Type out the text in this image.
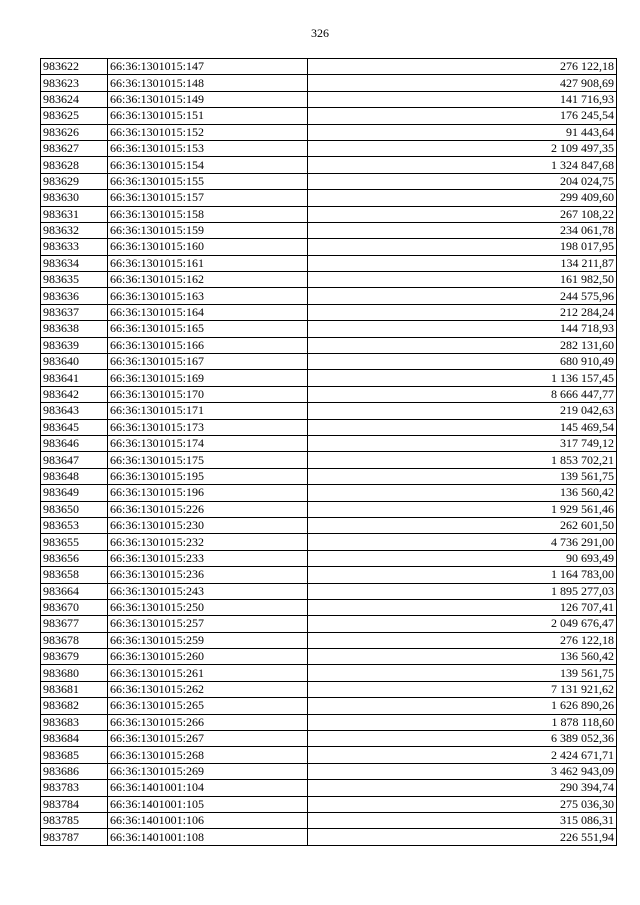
326
983622	66:36:1301015:147	276 122,18
983623	66:36:1301015:148	427 908,69
983624	66:36:1301015:149	141 716,93
983625	66:36:1301015:151	176 245,54
983626	66:36:1301015:152	91 443,64
983627	66:36:1301015:153	2 109 497,35
983628	66:36:1301015:154	1 324 847,68
983629	66:36:1301015:155	204 024,75
983630	66:36:1301015:157	299 409,60
983631	66:36:1301015:158	267 108,22
983632	66:36:1301015:159	234 061,78
983633	66:36:1301015:160	198 017,95
983634	66:36:1301015:161	134 211,87
983635	66:36:1301015:162	161 982,50
983636	66:36:1301015:163	244 575,96
983637	66:36:1301015:164	212 284,24
983638	66:36:1301015:165	144 718,93
983639	66:36:1301015:166	282 131,60
983640	66:36:1301015:167	680 910,49
983641	66:36:1301015:169	1 136 157,45
983642	66:36:1301015:170	8 666 447,77
983643	66:36:1301015:171	219 042,63
983645	66:36:1301015:173	145 469,54
983646	66:36:1301015:174	317 749,12
983647	66:36:1301015:175	1 853 702,21
983648	66:36:1301015:195	139 561,75
983649	66:36:1301015:196	136 560,42
983650	66:36:1301015:226	1 929 561,46
983653	66:36:1301015:230	262 601,50
983655	66:36:1301015:232	4 736 291,00
983656	66:36:1301015:233	90 693,49
983658	66:36:1301015:236	1 164 783,00
983664	66:36:1301015:243	1 895 277,03
983670	66:36:1301015:250	126 707,41
983677	66:36:1301015:257	2 049 676,47
983678	66:36:1301015:259	276 122,18
983679	66:36:1301015:260	136 560,42
983680	66:36:1301015:261	139 561,75
983681	66:36:1301015:262	7 131 921,62
983682	66:36:1301015:265	1 626 890,26
983683	66:36:1301015:266	1 878 118,60
983684	66:36:1301015:267	6 389 052,36
983685	66:36:1301015:268	2 424 671,71
983686	66:36:1301015:269	3 462 943,09
983783	66:36:1401001:104	290 394,74
983784	66:36:1401001:105	275 036,30
983785	66:36:1401001:106	315 086,31
983787	66:36:1401001:108	226 551,94
